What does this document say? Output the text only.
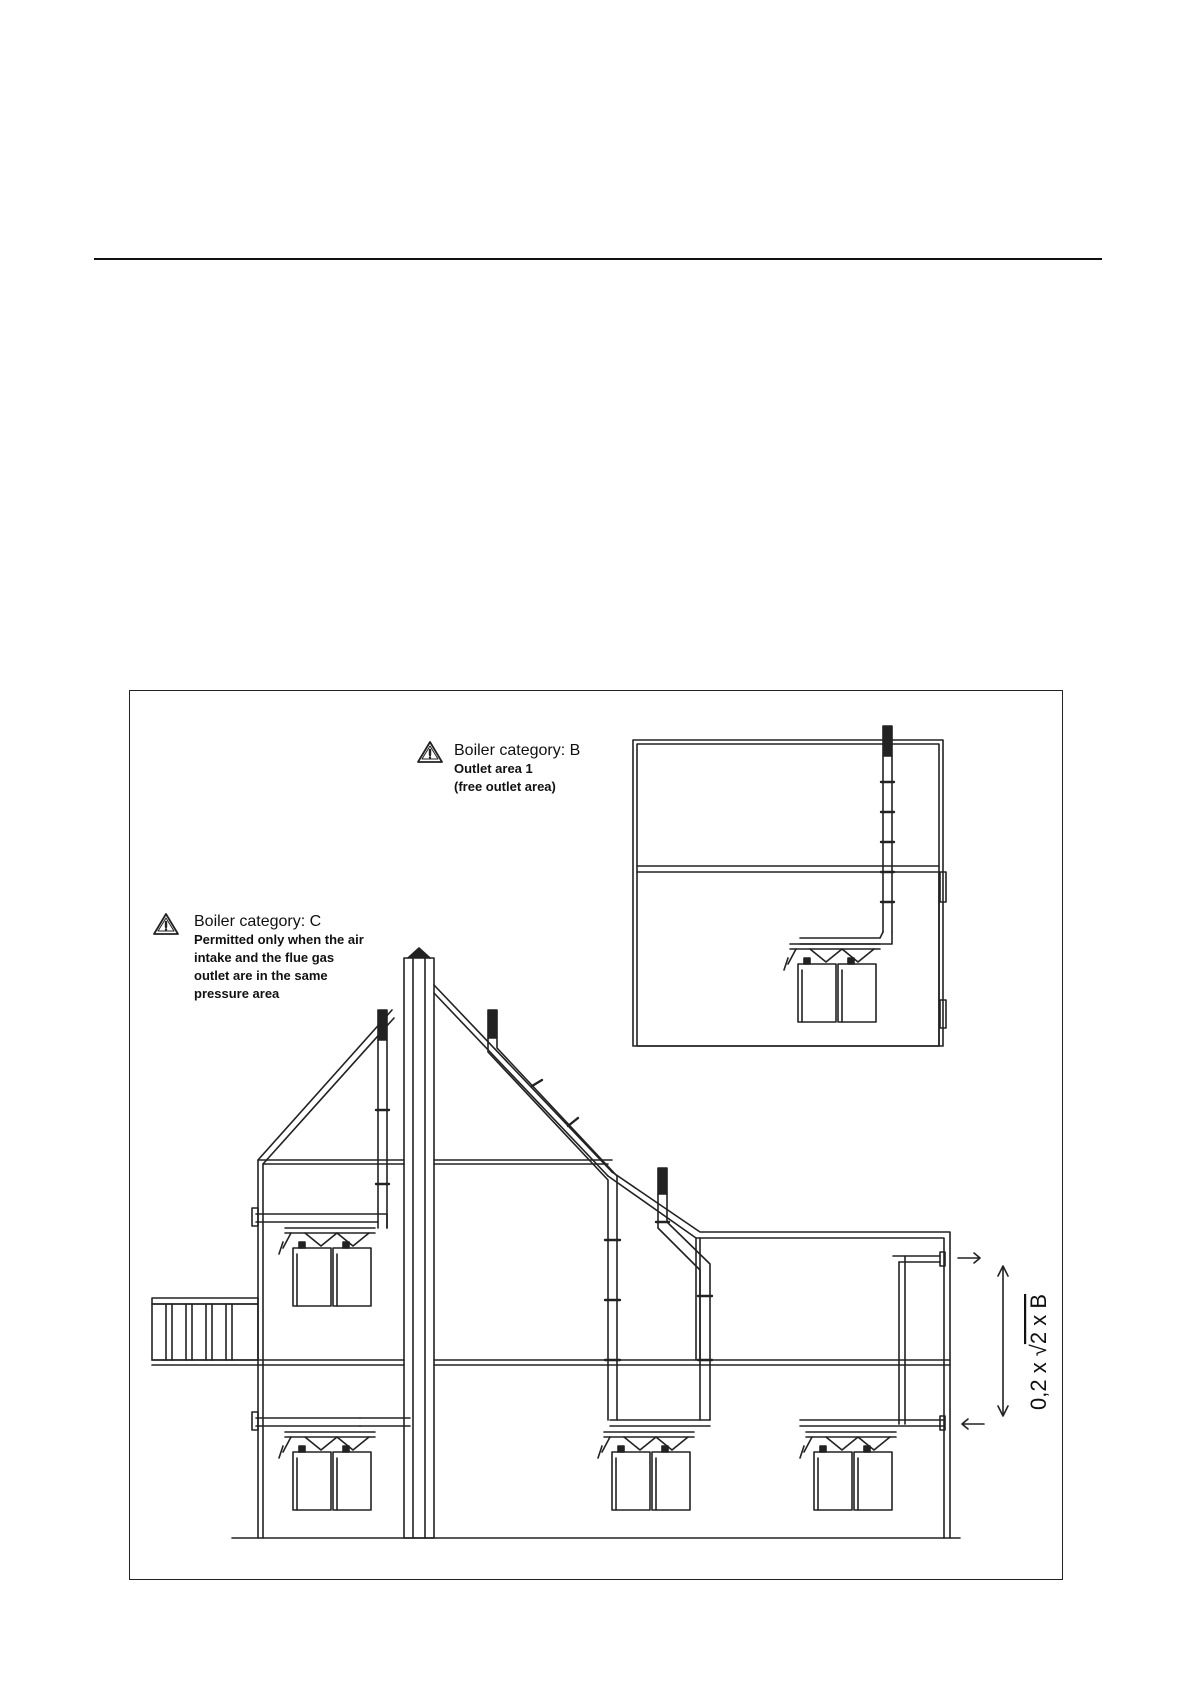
Boiler category: B
Outlet area 1
(free outlet area)
Boiler category: C
Permitted only when the air
intake and the flue gas
outlet are in the same
pressure area
0,2 x √2 x B
